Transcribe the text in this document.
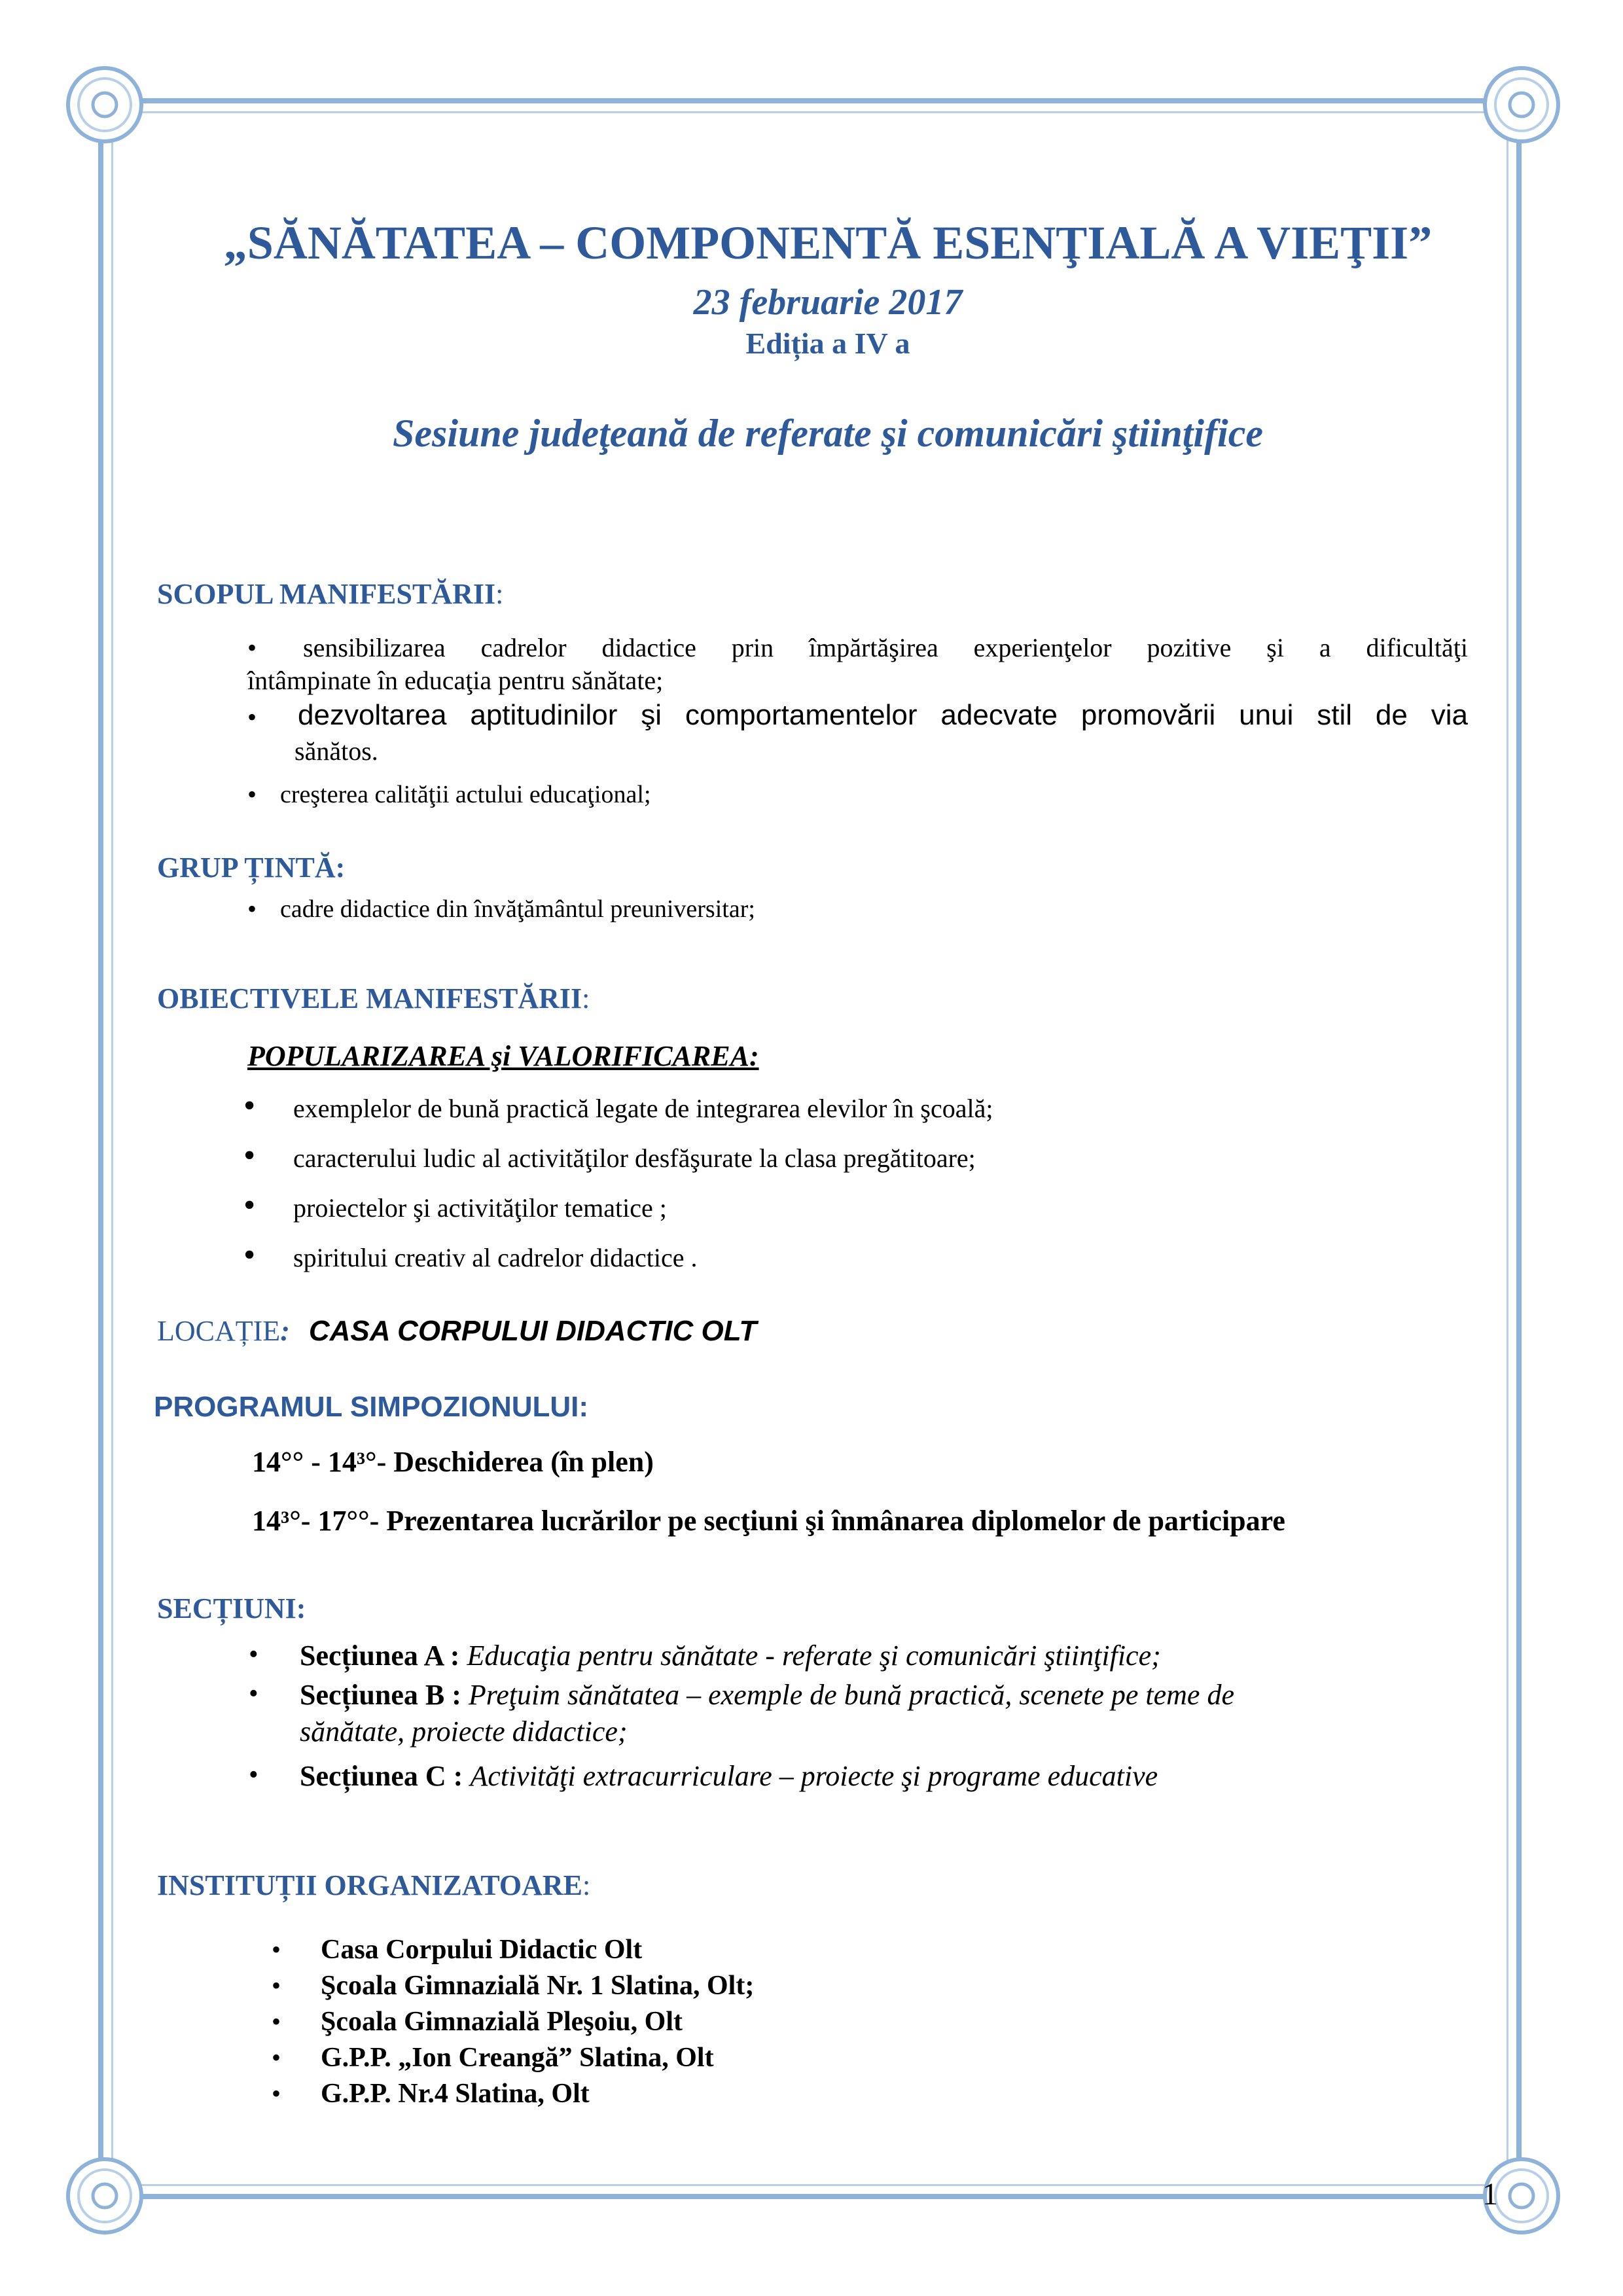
„SĂNĂTATEA – COMPONENTĂ ESENŢIALĂ A VIEŢII”
23 februarie 2017
Ediția a IV a
Sesiune judeţeană de referate şi comunicări ştiinţifice
SCOPUL MANIFESTĂRII:
• sensibilizarea cadrelor didactice prin împărtăşirea experienţelor pozitive şi a dificultăţi
întâmpinate în educaţia pentru sănătate;
• dezvoltarea aptitudinilor şi comportamentelor adecvate promovării unui stil de via
sănătos.
• creşterea calităţii actului educaţional;
GRUP ȚINTĂ:
• cadre didactice din învăţământul preuniversitar;
OBIECTIVELE MANIFESTĂRII:
POPULARIZAREA şi VALORIFICAREA:
• exemplelor de bună practică legate de integrarea elevilor în şcoală;
• caracterului ludic al activităţilor desfăşurate la clasa pregătitoare;
• proiectelor şi activităţilor tematice ;
• spiritului creativ al cadrelor didactice .
LOCAȚIE: CASA CORPULUI DIDACTIC OLT
PROGRAMUL SIMPOZIONULUI:
14°° - 14³°- Deschiderea (în plen)
14³°- 17°°- Prezentarea lucrărilor pe secţiuni şi înmânarea diplomelor de participare
SECȚIUNI:
• Secțiunea A : Educaţia pentru sănătate - referate şi comunicări ştiinţifice;
• Secțiunea B : Preţuim sănătatea – exemple de bună practică, scenete pe teme de
sănătate, proiecte didactice;
• Secțiunea C : Activităţi extracurriculare – proiecte şi programe educative
INSTITUȚII ORGANIZATOARE:
• Casa Corpului Didactic Olt
• Şcoala Gimnazială Nr. 1 Slatina, Olt;
• Şcoala Gimnazială Pleşoiu, Olt
• G.P.P. „Ion Creangă” Slatina, Olt
• G.P.P. Nr.4 Slatina, Olt
1
